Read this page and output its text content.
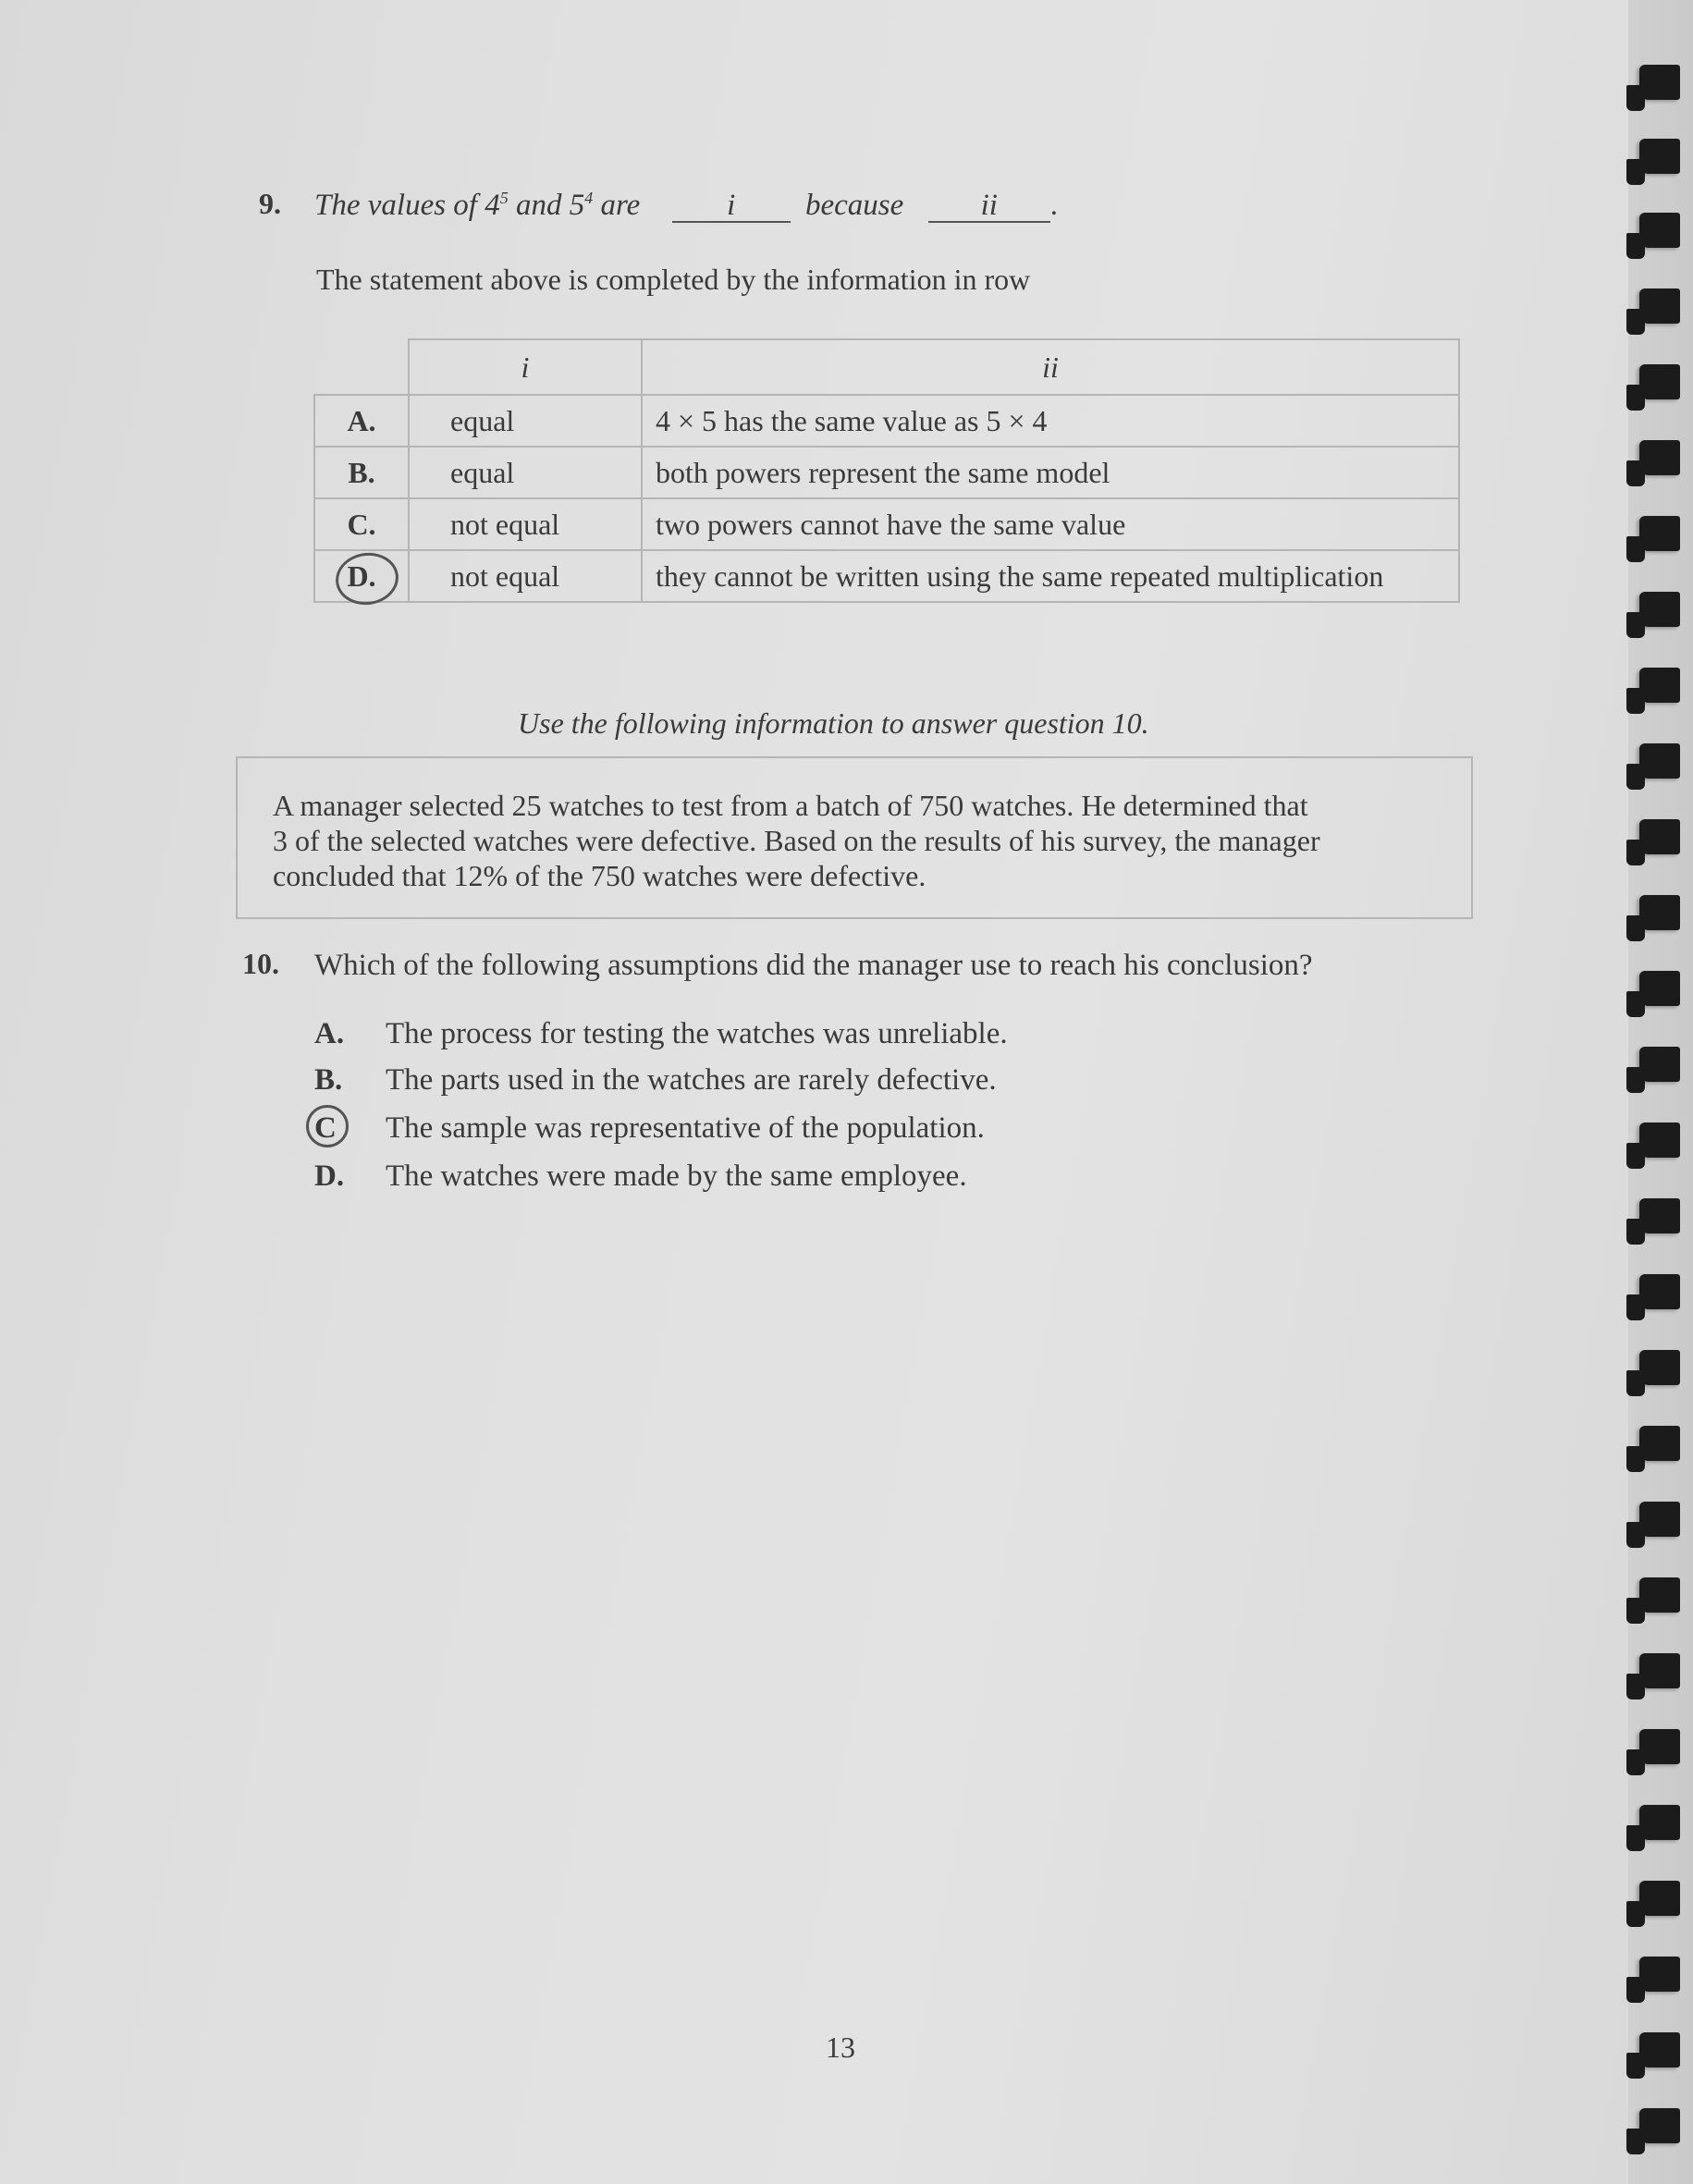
9. The values of $4^5$ and $5^4$ are	i because  ii .
The statement above is completed by the information in row
	i	ii
A.	equal	4 × 5 has the same value as 5 × 4
B.	equal	both powers represent the same model
C.	not equal	two powers cannot have the same value
D.	not equal	they cannot be written using the same repeated multiplication
Use the following information to answer question 10.
A manager selected 25 watches to test from a batch of 750 watches. He determined that
3 of the selected watches were defective. Based on the results of his survey, the manager
concluded that 12% of the 750 watches were defective.
10. Which of the following assumptions did the manager use to reach his conclusion?
A. The process for testing the watches was unreliable.
B. The parts used in the watches are rarely defective.
C The sample was representative of the population.
D. The watches were made by the same employee.
13
